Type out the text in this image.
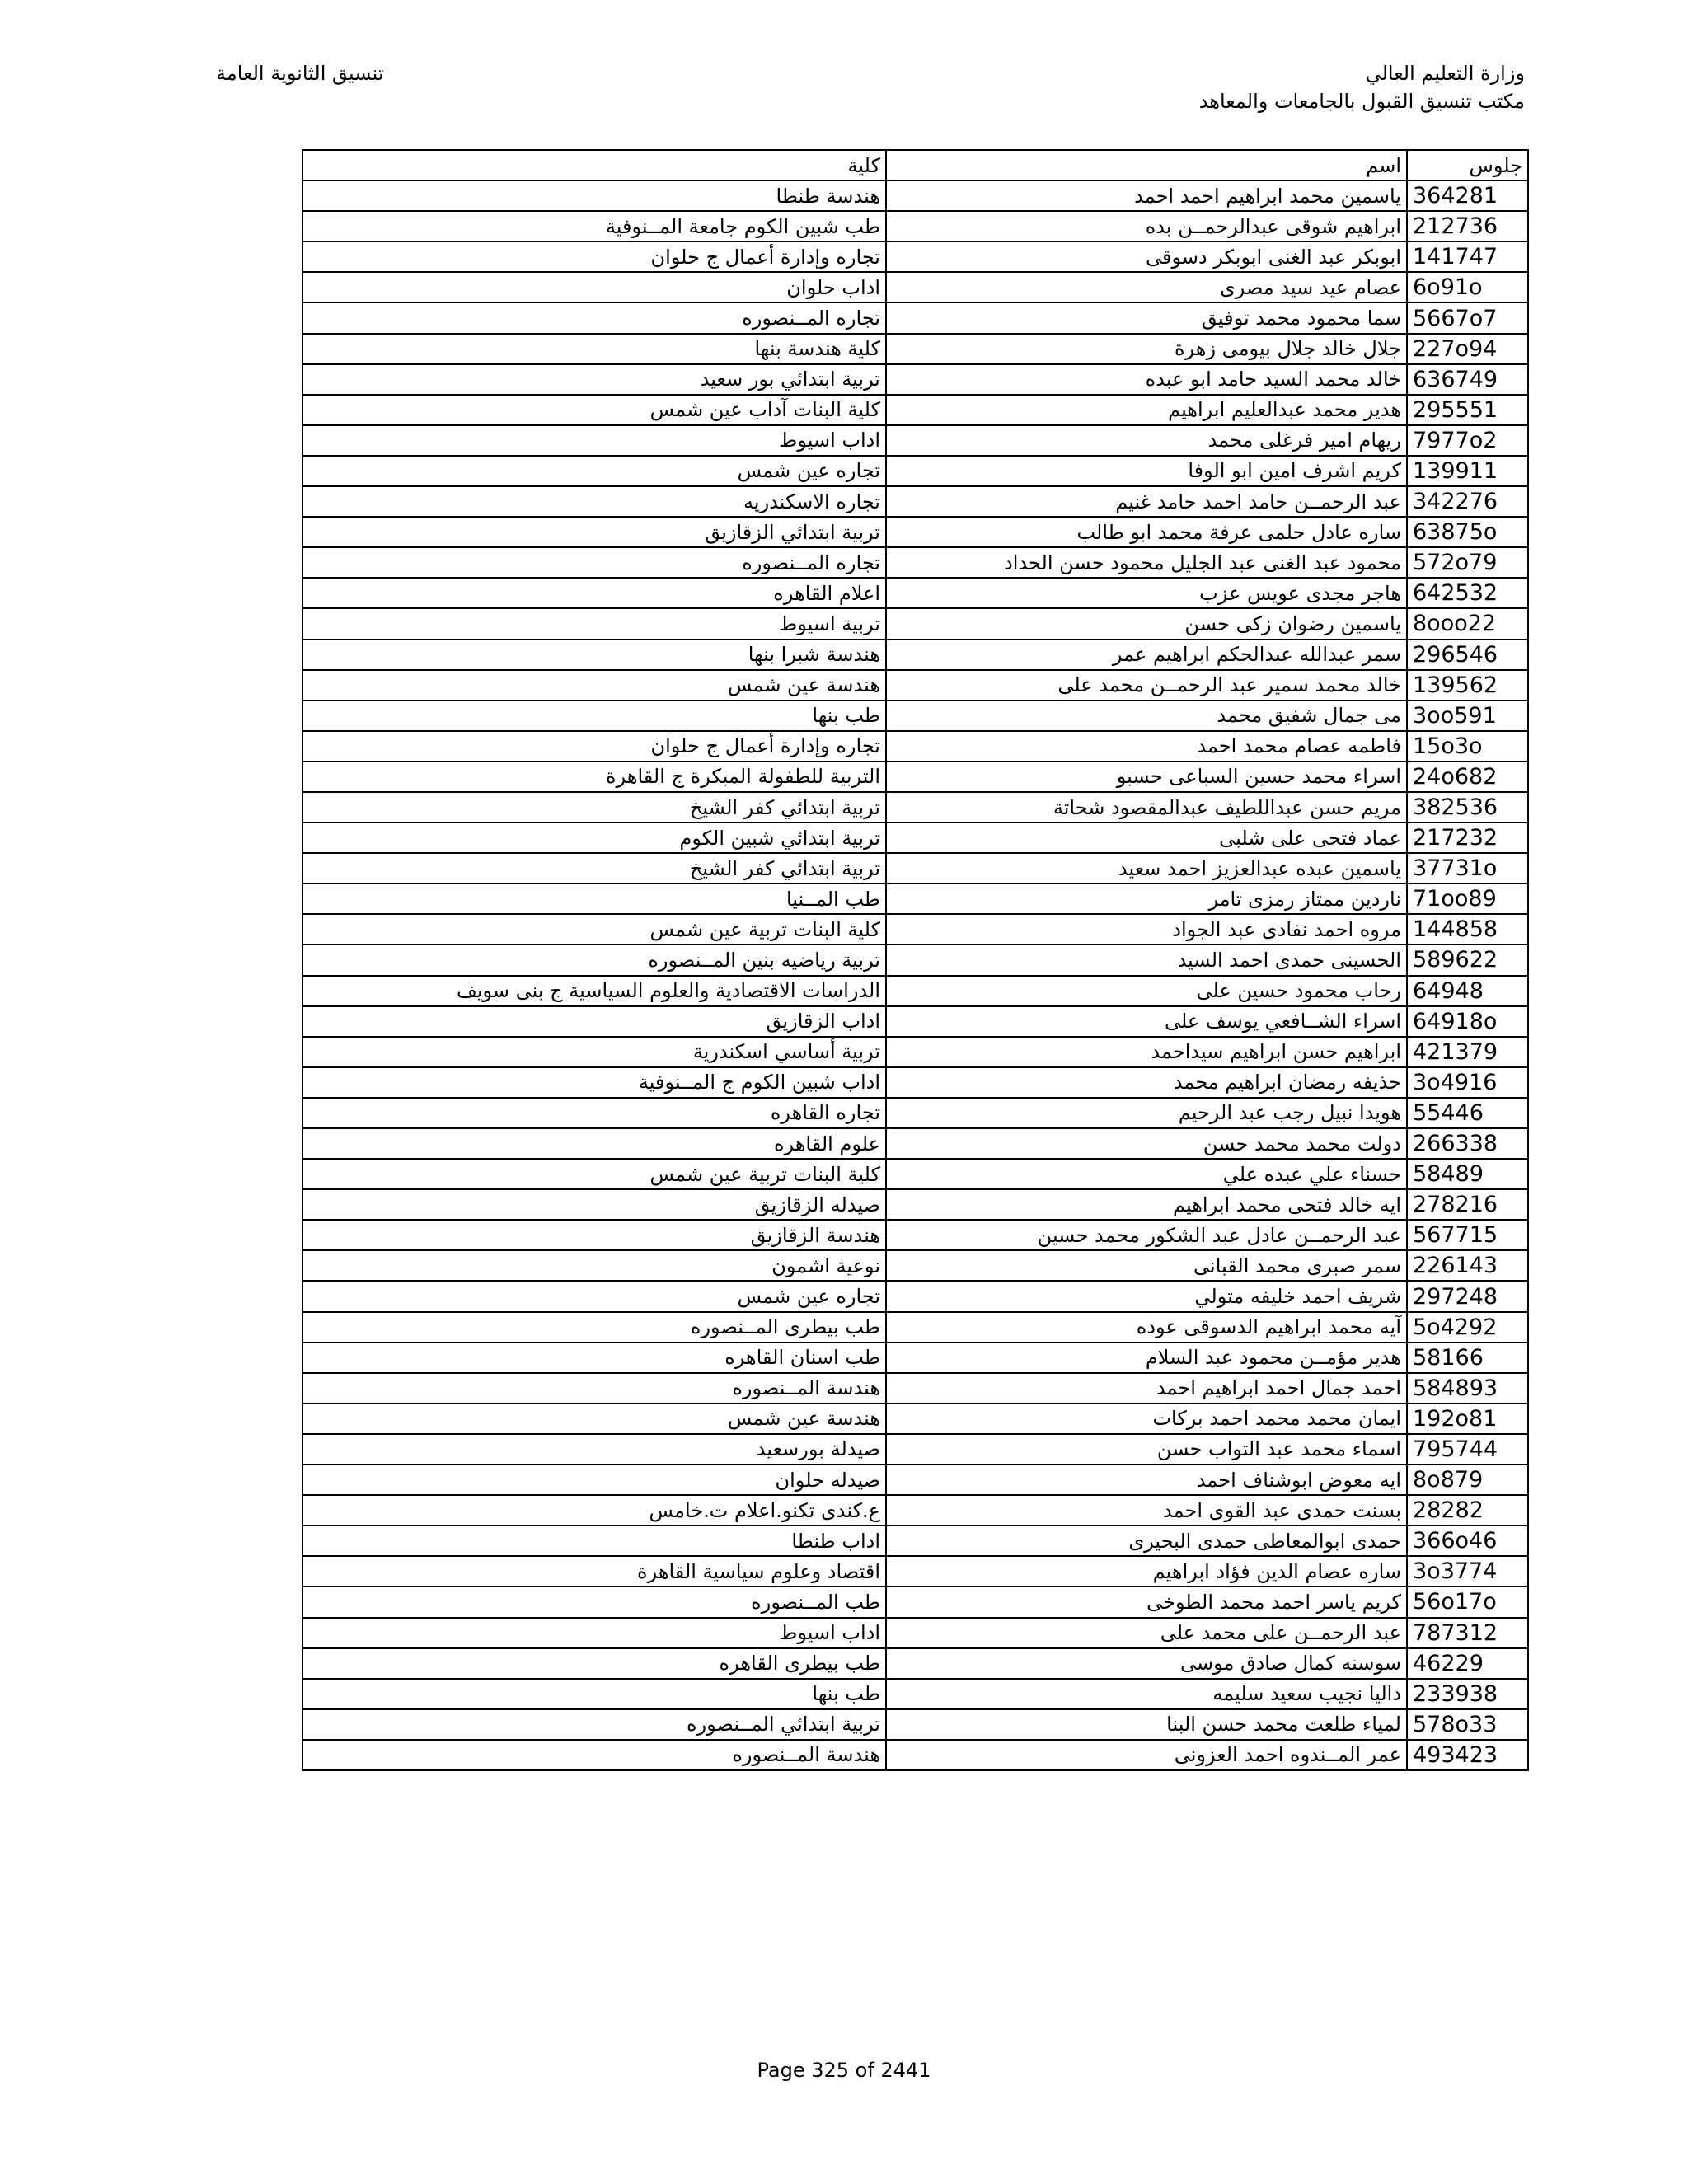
وزارة التعليم العالي
مكتب تنسيق القبول بالجامعات والمعاهد
تنسيق الثانوية العامة
كلية	اسم	جلوس
هندسة طنطا	ياسمين محمد ابراهيم احمد احمد	364281
طب شبين الكوم جامعة المــنوفية	ابراهيم شوقى عبدالرحمــن بده	212736
تجاره وإدارة أعمال ج حلوان	ابوبكر عبد الغنى ابوبكر دسوقى	141747
اداب حلوان	عصام عيد سيد مصرى	6o91o
تجاره المــنصوره	سما محمود محمد توفيق	5667o7
كلية هندسة بنها	جلال خالد جلال بيومى زهرة	227o94
تربية ابتدائي بور سعيد	خالد محمد السيد حامد ابو عبده	636749
كلية البنات آداب عين شمس	هدير محمد عبدالعليم ابراهيم	295551
اداب اسيوط	ريهام امير فرغلى محمد	7977o2
تجاره عين شمس	كريم اشرف امين ابو الوفا	139911
تجاره الاسكندريه	عبد الرحمــن حامد احمد حامد غنيم	342276
تربية ابتدائي الزقازيق	ساره عادل حلمى عرفة محمد ابو طالب	63875o
تجاره المــنصوره	محمود عبد الغنى عبد الجليل محمود حسن الحداد	572o79
اعلام القاهره	هاجر مجدى عويس عزب	642532
تربية اسيوط	ياسمين رضوان زكى حسن	8ooo22
هندسة شبرا بنها	سمر عبدالله عبدالحكم ابراهيم عمر	296546
هندسة عين شمس	خالد محمد سمير عبد الرحمــن محمد على	139562
طب بنها	مى جمال شفيق محمد	3oo591
تجاره وإدارة أعمال ج حلوان	فاطمه عصام محمد احمد	15o3o
التربية للطفولة المبكرة ج القاهرة	اسراء محمد حسين السباعى حسبو	24o682
تربية ابتدائي كفر الشيخ	مريم حسن عبداللطيف عبدالمقصود شحاتة	382536
تربية ابتدائي شبين الكوم	عماد فتحى على شلبى	217232
تربية ابتدائي كفر الشيخ	ياسمين عبده عبدالعزيز احمد سعيد	37731o
طب المــنيا	ناردين ممتاز رمزى تامر	71oo89
كلية البنات تربية عين شمس	مروه احمد نفادى عبد الجواد	144858
تربية رياضيه بنين المــنصوره	الحسينى حمدى احمد السيد	589622
الدراسات الاقتصادية والعلوم السياسية ج بنى سويف	رحاب محمود حسين على	64948
اداب الزقازيق	اسراء الشــافعي يوسف على	64918o
تربية أساسي اسكندرية	ابراهيم حسن ابراهيم سيداحمد	421379
اداب شبين الكوم ج المــنوفية	حذيفه رمضان ابراهيم محمد	3o4916
تجاره القاهره	هويدا نبيل رجب عبد الرحيم	55446
علوم القاهره	دولت محمد محمد حسن	266338
كلية البنات تربية عين شمس	حسناء علي عبده علي	58489
صيدله الزقازيق	ايه خالد فتحى محمد ابراهيم	278216
هندسة الزقازيق	عبد الرحمــن عادل عبد الشكور محمد حسين	567715
نوعية اشمون	سمر صبرى محمد القبانى	226143
تجاره عين شمس	شريف احمد خليفه متولي	297248
طب بيطرى المــنصوره	آيه محمد ابراهيم الدسوقى عوده	5o4292
طب اسنان القاهره	هدير مؤمــن محمود عبد السلام	58166
هندسة المــنصوره	احمد جمال احمد ابراهيم احمد	584893
هندسة عين شمس	ايمان محمد محمد احمد بركات	192o81
صيدلة بورسعيد	اسماء محمد عبد التواب حسن	795744
صيدله حلوان	ايه معوض ابوشناف احمد	8o879
ع.كندى تكنو.اعلام ت.خامس	بسنت حمدى عبد القوى احمد	28282
اداب طنطا	حمدى ابوالمعاطى حمدى البحيرى	366o46
اقتصاد وعلوم سياسية القاهرة	ساره عصام الدين فؤاد ابراهيم	3o3774
طب المــنصوره	كريم ياسر احمد محمد الطوخى	56o17o
اداب اسيوط	عبد الرحمــن على محمد على	787312
طب بيطرى القاهره	سوسنه كمال صادق موسى	46229
طب بنها	داليا نجيب سعيد سليمه	233938
تربية ابتدائي المــنصوره	لمياء طلعت محمد حسن البنا	578o33
هندسة المــنصوره	عمر المــندوه احمد العزونى	493423
Page 325 of 2441
